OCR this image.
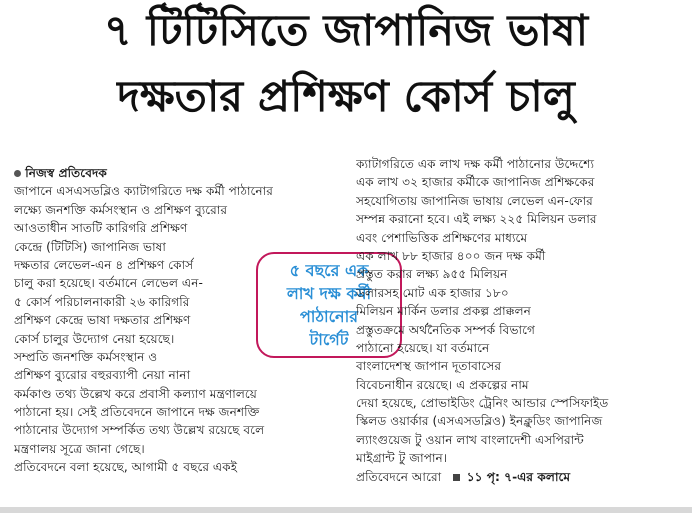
৭ টিটিসিতে জাপানিজ ভাষা
দক্ষতার প্রশিক্ষণ কোর্স চালু
নিজস্ব প্রতিবেদক
জাপানে এসএসডব্লিও ক্যাটাগরিতে দক্ষ কর্মী পাঠানোর
লক্ষ্যে জনশক্তি কর্মসংস্থান ও প্রশিক্ষণ ব্যুরোর
আওতাধীন সাতটি কারিগরি প্রশিক্ষণ
কেন্দ্রে (টিটিসি) জাপানিজ ভাষা
দক্ষতার লেভেল-এন ৪ প্রশিক্ষণ কোর্স
চালু করা হয়েছে। বর্তমানে লেভেল এন-
৫ কোর্স পরিচালনাকারী ২৬ কারিগরি
প্রশিক্ষণ কেন্দ্রে ভাষা দক্ষতার প্রশিক্ষণ
কোর্স চালুর উদ্যোগ নেয়া হয়েছে।
সম্প্রতি জনশক্তি কর্মসংস্থান ও
প্রশিক্ষণ ব্যুরোর বহুরব্যাপী নেয়া নানা
কর্মকাণ্ড তথ্য উল্লেখ করে প্রবাসী কল্যাণ মন্ত্রণালয়ে
পাঠানো হয়। সেই প্রতিবেদনে জাপানে দক্ষ জনশক্তি
পাঠানোর উদ্যোগ সম্পর্কিত তথ্য উল্লেখ রয়েছে বলে
মন্ত্রণালয় সূত্রে জানা গেছে।
প্রতিবেদনে বলা হয়েছে, আগামী ৫ বছরে একই
৫ বছরে এক
লাখ দক্ষ কর্মী
পাঠানোর
টার্গেট
ক্যাটাগরিতে এক লাখ দক্ষ কর্মী পাঠানোর উদ্দেশ্যে
এক লাখ ৩২ হাজার কর্মীকে জাপানিজ প্রশিক্ষকের
সহযোগিতায় জাপানিজ ভাষায় লেভেল এন-ফোর
সম্পন্ন করানো হবে। এই লক্ষ্য ২২৫ মিলিয়ন ডলার
এবং পেশাভিত্তিক প্রশিক্ষণের মাধ্যমে
এক লাখ ৮৮ হাজার ৪০০ জন দক্ষ কর্মী
প্রস্তুত করার লক্ষ্য ৯৫৫ মিলিয়ন
ডলারসহ মোট এক হাজার ১৮০
মিলিয়ন মার্কিন ডলার প্রকল্প প্রাক্কলন
প্রস্তুতক্রমে অর্থনৈতিক সম্পর্ক বিভাগে
পাঠানো হয়েছে। যা বর্তমানে
বাংলাদেশস্থ জাপান দূতাবাসের
বিবেচনাধীন রয়েছে। এ প্রকল্পের নাম
দেয়া হয়েছে, প্রোভাইডিং ট্রেনিং আন্ডার স্পেসিফাইড
স্কিলড ওয়ার্কার (এসএসডব্লিও) ইনক্লুডিং জাপানিজ
ল্যাংগুয়েজ টু ওয়ান লাখ বাংলাদেশী এসপিরান্ট
মাইগ্রান্ট টু জাপান।
প্রতিবেদনে আরো ১১ পৃ: ৭-এর কলামে
